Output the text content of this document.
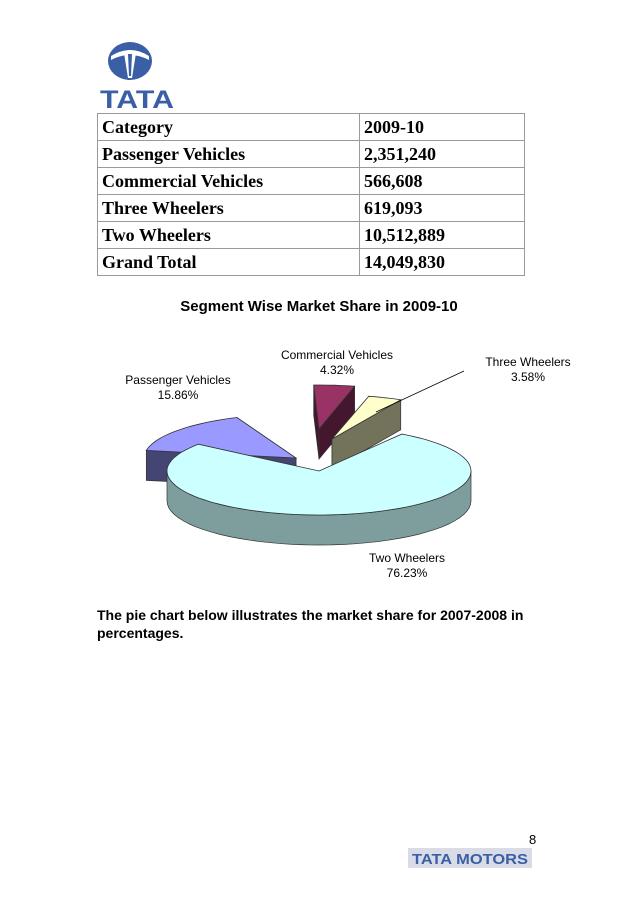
TATA
Category	2009-10
Passenger Vehicles	2,351,240
Commercial Vehicles	566,608
Three Wheelers	619,093
Two Wheelers	10,512,889
Grand Total	14,049,830
Segment Wise Market Share in 2009-10
Passenger Vehicles
15.86%
Commercial Vehicles
4.32%
Three Wheelers
3.58%
Two Wheelers
76.23%

The pie chart below illustrates the market share for 2007-2008 in percentages.

8
TATA MOTORS
